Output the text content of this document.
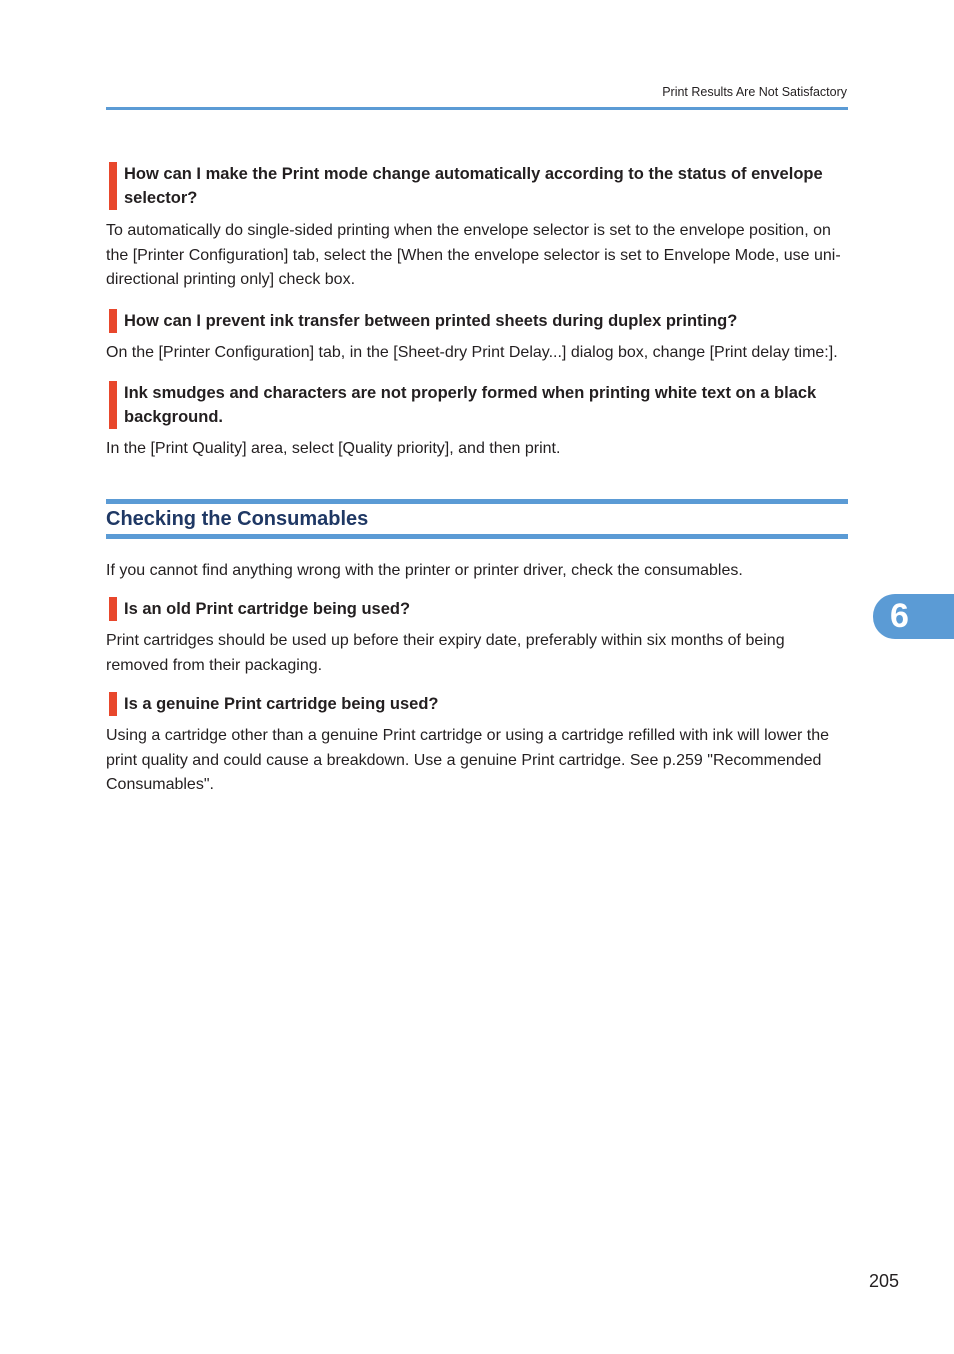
Print Results Are Not Satisfactory
How can I make the Print mode change automatically according to the status of envelope selector?

To automatically do single-sided printing when the envelope selector is set to the envelope position, on the [Printer Configuration] tab, select the [When the envelope selector is set to Envelope Mode, use uni-directional printing only] check box.

How can I prevent ink transfer between printed sheets during duplex printing?

On the [Printer Configuration] tab, in the [Sheet-dry Print Delay...] dialog box, change [Print delay time:].

Ink smudges and characters are not properly formed when printing white text on a black background.

In the [Print Quality] area, select [Quality priority], and then print.

Checking the Consumables

If you cannot find anything wrong with the printer or printer driver, check the consumables.

Is an old Print cartridge being used?

Print cartridges should be used up before their expiry date, preferably within six months of being removed from their packaging.

Is a genuine Print cartridge being used?

Using a cartridge other than a genuine Print cartridge or using a cartridge refilled with ink will lower the print quality and could cause a breakdown. Use a genuine Print cartridge. See p.259 "Recommended Consumables".

6
205
